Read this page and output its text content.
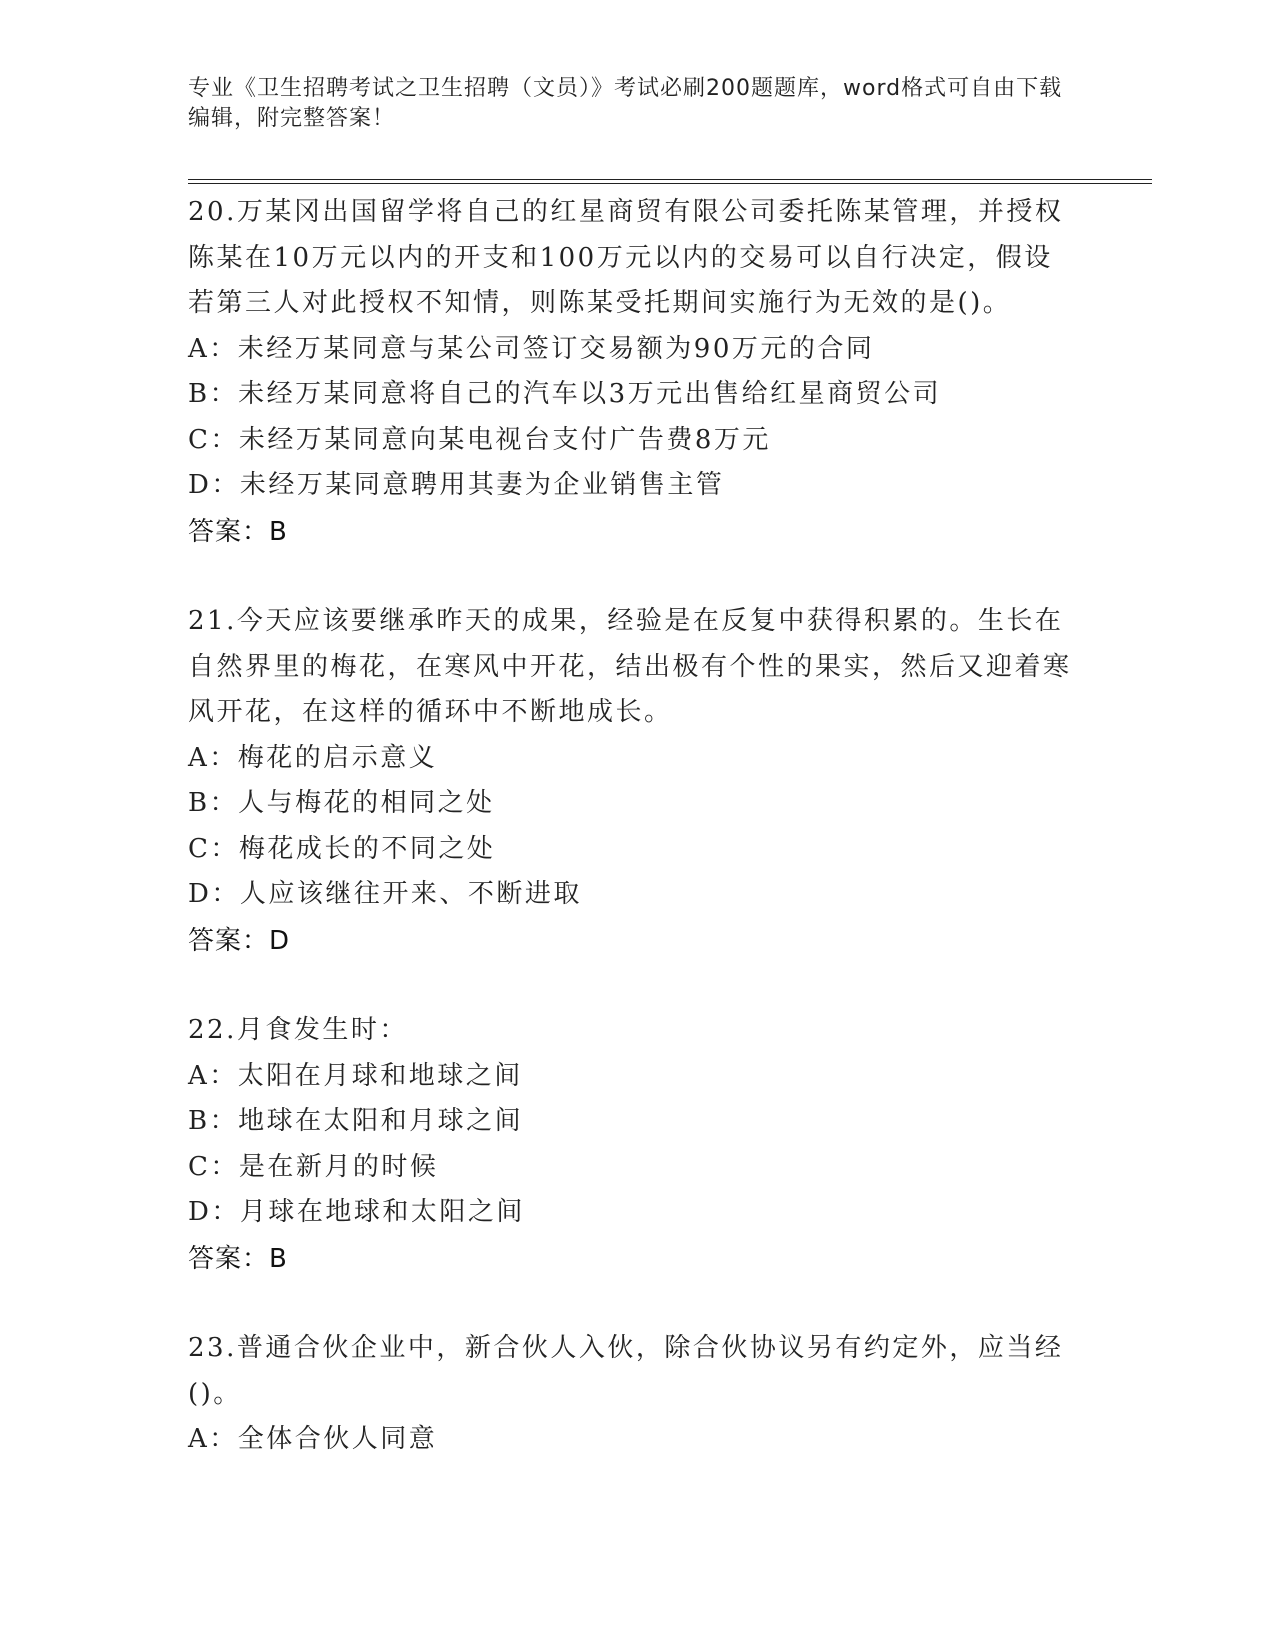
专业《卫生招聘考试之卫生招聘（文员）》考试必刷200题题库，word格式可自由下载编辑，附完整答案！

20.万某冈出国留学将自己的红星商贸有限公司委托陈某管理，并授权陈某在10万元以内的开支和100万元以内的交易可以自行决定，假设若第三人对此授权不知情，则陈某受托期间实施行为无效的是()。

A：未经万某同意与某公司签订交易额为90万元的合同

B：未经万某同意将自己的汽车以3万元出售给红星商贸公司

C：未经万某同意向某电视台支付广告费8万元

D：未经万某同意聘用其妻为企业销售主管

答案：B

21.今天应该要继承昨天的成果，经验是在反复中获得积累的。生长在自然界里的梅花，在寒风中开花，结出极有个性的果实，然后又迎着寒风开花，在这样的循环中不断地成长。

A：梅花的启示意义

B：人与梅花的相同之处

C：梅花成长的不同之处

D：人应该继往开来、不断进取

答案：D

22.月食发生时：

A：太阳在月球和地球之间

B：地球在太阳和月球之间

C：是在新月的时候

D：月球在地球和太阳之间

答案：B

23.普通合伙企业中，新合伙人入伙，除合伙协议另有约定外，应当经()。

A：全体合伙人同意
